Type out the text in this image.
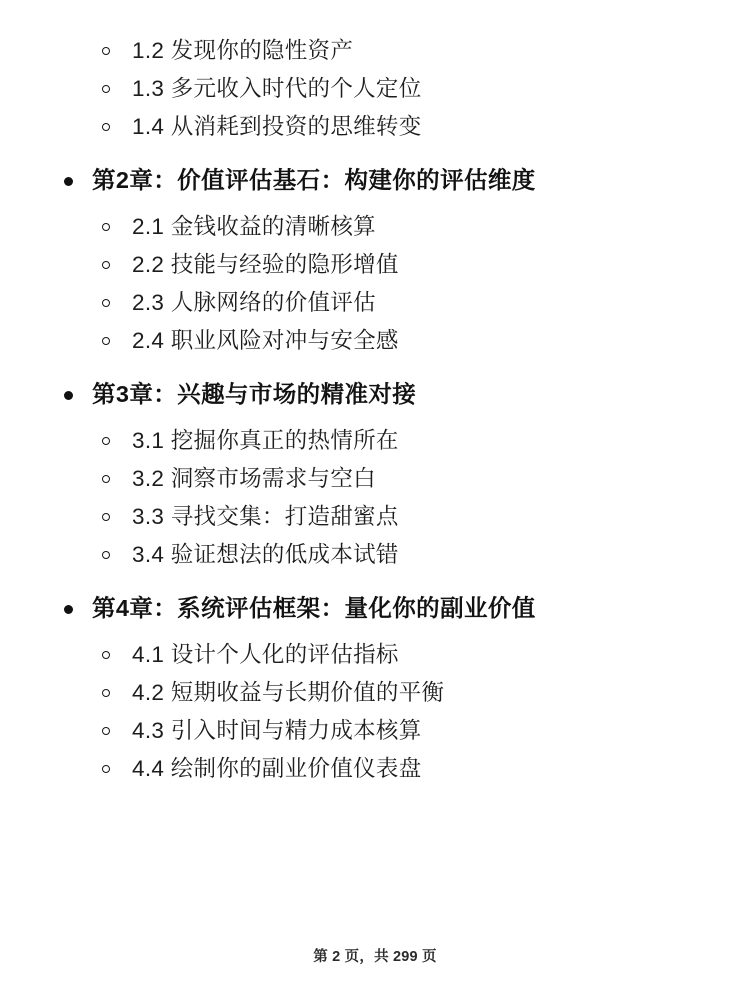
1.2 发现你的隐性资产
1.3 多元收入时代的个人定位
1.4 从消耗到投资的思维转变
第2章：价值评估基石：构建你的评估维度
2.1 金钱收益的清晰核算
2.2 技能与经验的隐形增值
2.3 人脉网络的价值评估
2.4 职业风险对冲与安全感
第3章：兴趣与市场的精准对接
3.1 挖掘你真正的热情所在
3.2 洞察市场需求与空白
3.3 寻找交集：打造甜蜜点
3.4 验证想法的低成本试错
第4章：系统评估框架：量化你的副业价值
4.1 设计个人化的评估指标
4.2 短期收益与长期价值的平衡
4.3 引入时间与精力成本核算
4.4 绘制你的副业价值仪表盘
第 2 页，共 299 页
